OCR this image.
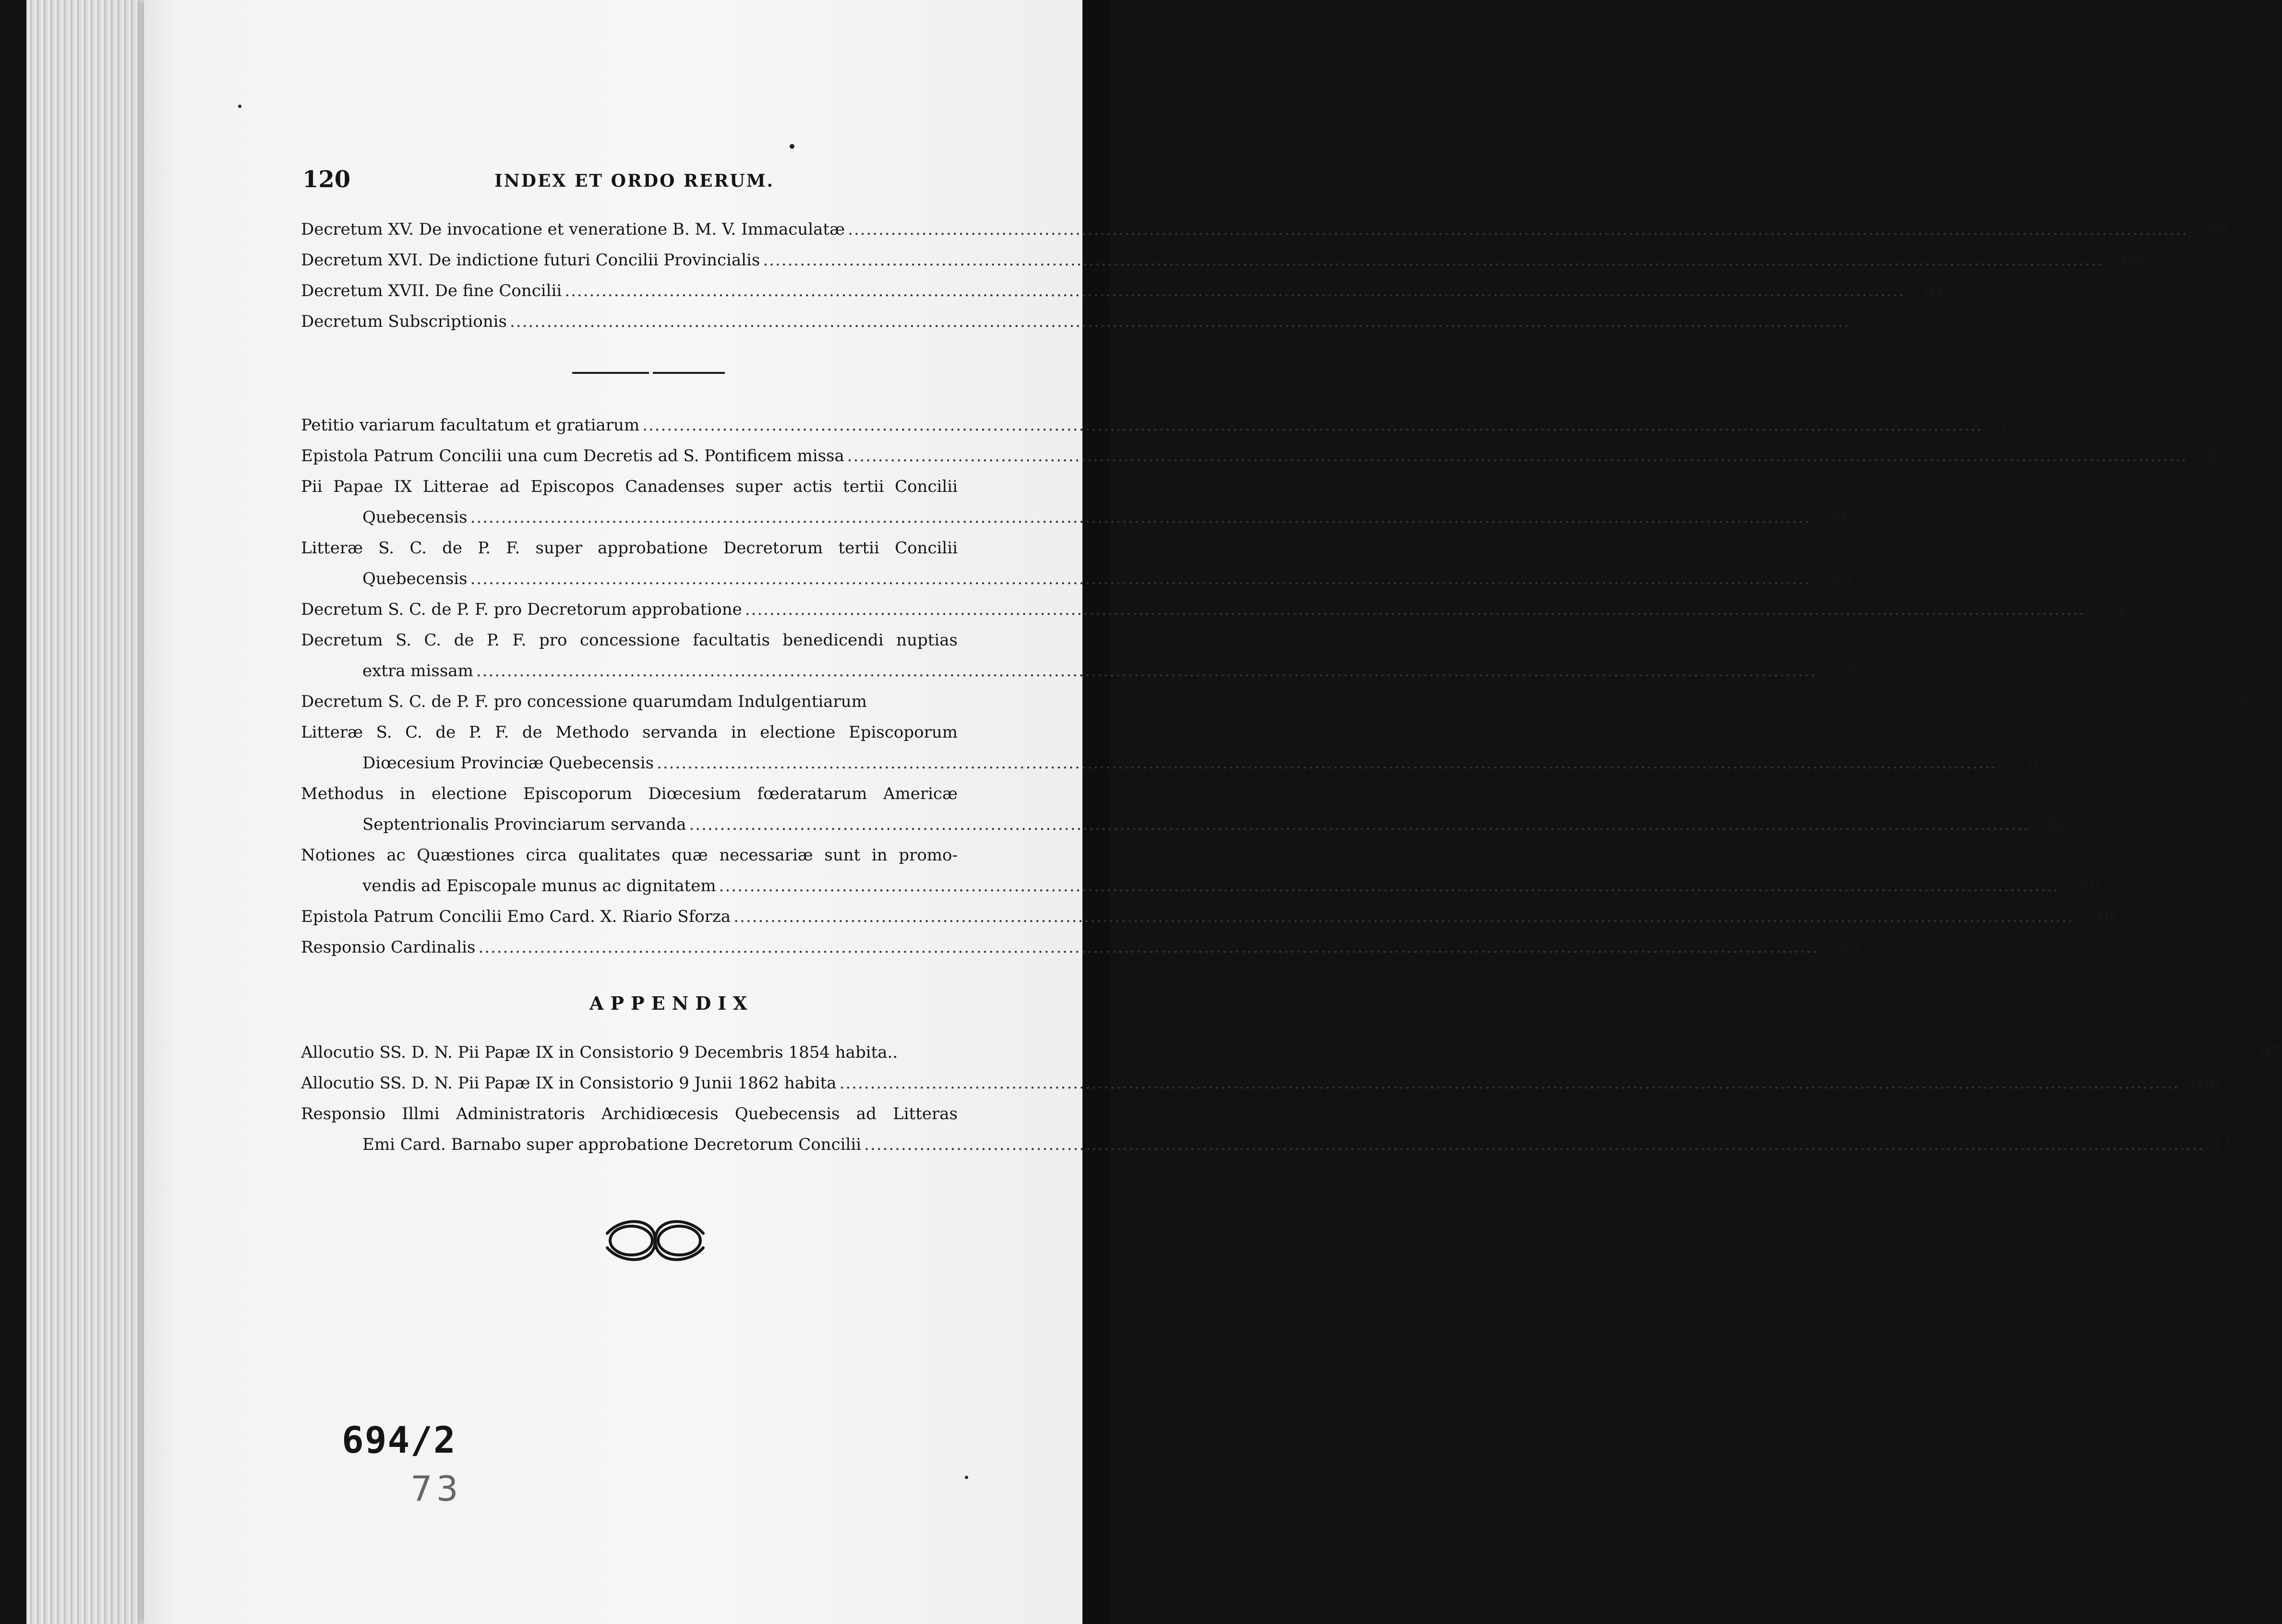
120	INDEX ET ORDO RERUM.
Decretum XV. De invocatione et veneratione B. M. V. Immaculatæ .....	58
Decretum XVI. De indictione futuri Concilii Provincialis .....	60
Decretum XVII. De fine Concilii .....	61
Decretum Subscriptionis .....	ibid.
Petitio variarum facultatum et gratiarum .....	63
Epistola Patrum Concilii una cum Decretis ad S. Pontificem missa .....	64
Pii Papae IX Litterae ad Episcopos Canadenses super actis tertii Concilii
Quebecensis .....	66
Litteræ S. C. de P. F. super approbatione Decretorum tertii Concilii
Quebecensis .....	69
Decretum S. C. de P. F. pro Decretorum approbatione .....	74
Decretum S. C. de P. F. pro concessione facultatis benedicendi nuptias
extra missam .....	75
Decretum S. C. de P. F. pro concessione quarumdam Indulgentiarum	76
Litteræ S. C. de P. F. de Methodo servanda in electione Episcoporum
Diœcesium Provinciæ Quebecensis .....	78
Methodus in electione Episcoporum Diœcesium fœderatarum Americæ
Septentrionalis Provinciarum servanda .....	80
Notiones ac Quæstiones circa qualitates quæ necessariæ sunt in promo-
vendis ad Episcopale munus ac dignitatem .....	89
Epistola Patrum Concilii Emo Card. X. Riario Sforza .....	90
Responsio Cardinalis .....	93
APPENDIX
Allocutio SS. D. N. Pii Papæ IX in Consistorio 9 Decembris 1854 habita..	97
Allocutio SS. D. N. Pii Papæ IX in Consistorio 9 Junii 1862 habita .....	106
Responsio Illmi Administratoris Archidiœcesis Quebecensis ad Litteras
Emi Card. Barnabo super approbatione Decretorum Concilii .....	115
694/2
73
